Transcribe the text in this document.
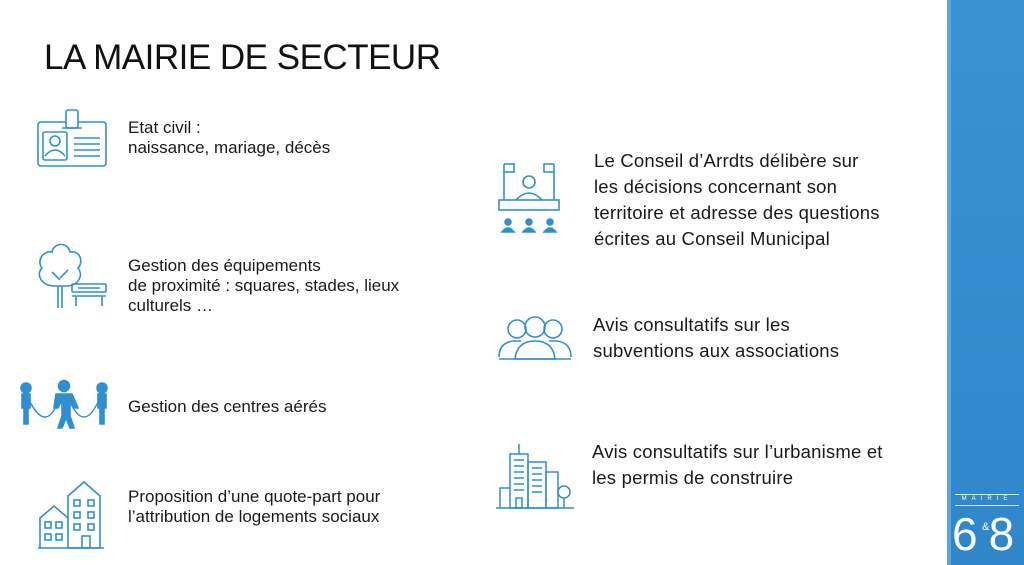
LA MAIRIE DE SECTEUR
Etat civil :
naissance, mariage, décès
Gestion des équipements
de proximité : squares, stades, lieux
culturels …
Gestion des centres aérés
Proposition d’une quote-part pour
l’attribution de logements sociaux
Le Conseil d’Arrdts délibère sur
les décisions concernant son
territoire et adresse des questions
écrites au Conseil Municipal
Avis consultatifs sur les
subventions aux associations
Avis consultatifs sur l’urbanisme et
les permis de construire
MAIRIE
6 8
&
